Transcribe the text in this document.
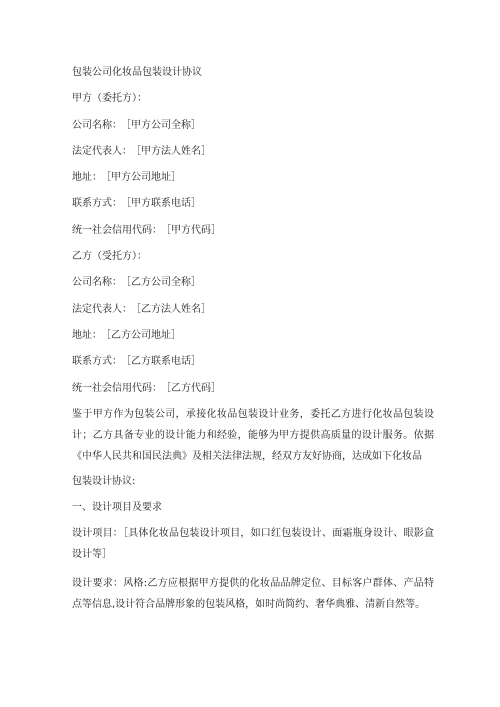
包装公司化妆品包装设计协议
甲方（委托方）：
公司名称： ［甲方公司全称］
法定代表人： ［甲方法人姓名］
地址： ［甲方公司地址］
联系方式： ［甲方联系电话］
统一社会信用代码： ［甲方代码］
乙方（受托方）：
公司名称： ［乙方公司全称］
法定代表人： ［乙方法人姓名］
地址： ［乙方公司地址］
联系方式： ［乙方联系电话］
统一社会信用代码： ［乙方代码］
鉴于甲方作为包装公司，承接化妆品包装设计业务，委托乙方进行化妆品包装设计；乙方具备专业的设计能力和经验，能够为甲方提供高质量的设计服务。依据《中华人民共和国民法典》及相关法律法规，经双方友好协商，达成如下化妆品
包装设计协议:
一、设计项目及要求
设计项目：［具体化妆品包装设计项目，如口红包装设计、面霜瓶身设计、眼影盒设计等］
设计要求：风格:乙方应根据甲方提供的化妆品品牌定位、目标客户群体、产品特点等信息,设计符合品牌形象的包装风格，如时尚简约、奢华典雅、清新自然等。
